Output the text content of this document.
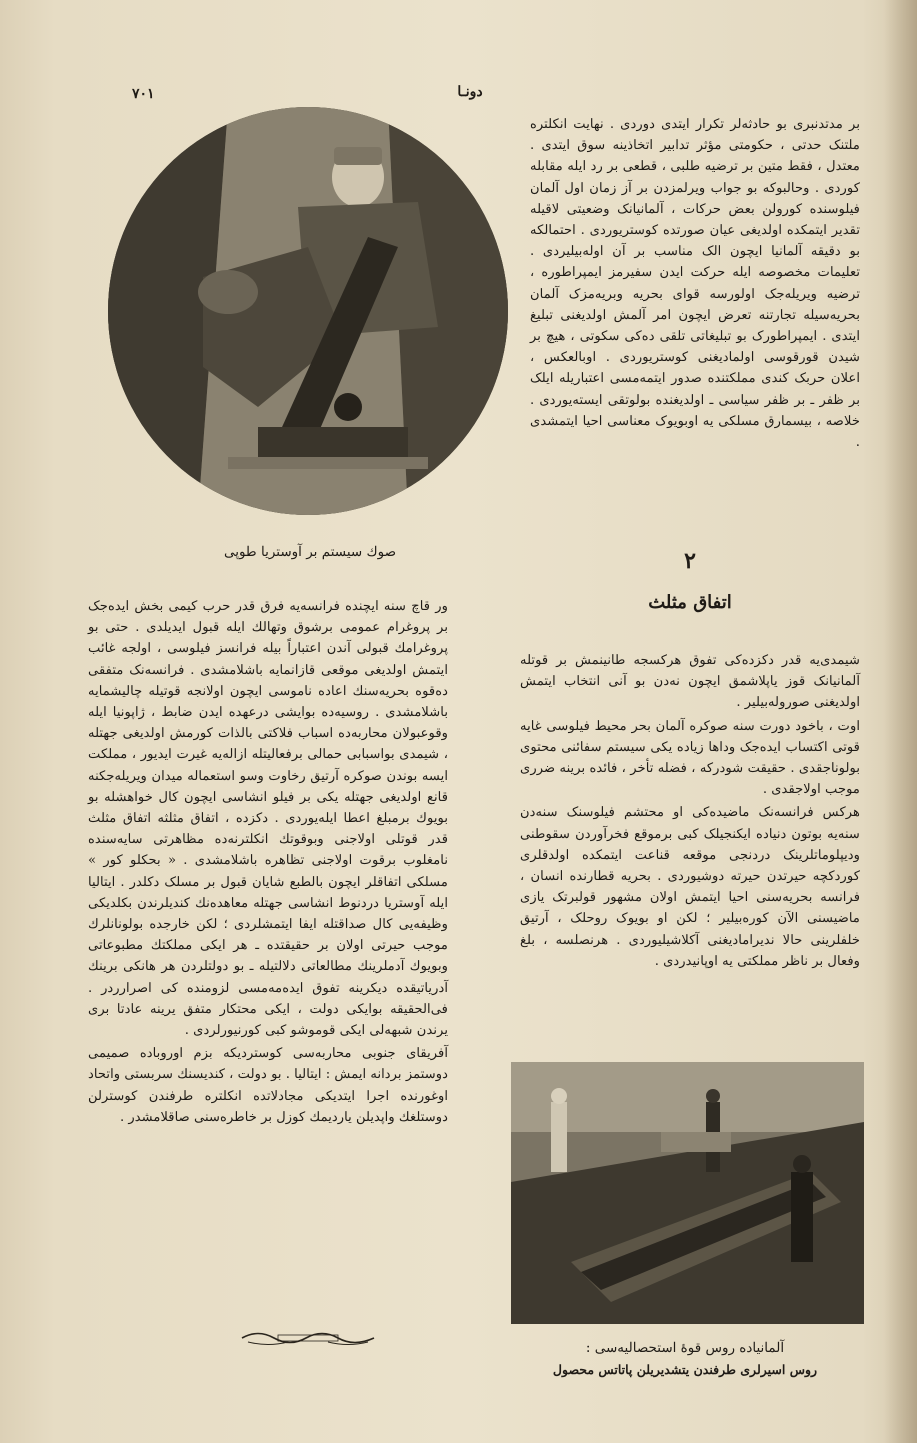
۷۰۱	دونـا
صوك سیستم بر آوستریا طوپی

بر مدتدنبری بو حادثه‌لر تکرار ایتدی دوردی . نهایت انکلتره ملتنک حدتی ، حکومتی مؤثر تدابیر اتخاذینه سوق ایتدی . معتدل ، فقط متین بر ترضیه طلبی ، قطعی بر رد ایله مقابله کوردی . وحالبوکه بو جواب ویرلمزدن بر آز زمان اول آلمان فیلوسنده کورولن بعض حرکات ، آلمانیانک وضعیتی لاقیله تقدیر ایتمکده اولدیغی عیان صورتده کوستریوردی . احتمالکه بو دقیقه آلمانیا ایچون الک مناسب بر آن اوله‌بیلیردی . تعلیمات مخصوصه ایله حرکت ایدن سفیرمز ایمپراطوره ، ترضیه ویریله‌جک اولورسه قوای بحریه وبریه‌مزک آلمان بحریه‌سیله تجارتنه تعرض ایچون امر آلمش اولدیغنی تبلیغ ایتدی . ایمپراطورک بو تبلیغاتی تلقی ده‌کی سکوتی ، هیچ بر شیدن قورقوسی اولمادیغنی کوستریوردی . اوبالعکس ، اعلان حربک کندی مملکتنده صدور ایتمه‌مسی اعتباریله ایلک بر ظفر ـ بر ظفر سیاسی ـ اولدیغنده بولوتقی ایسته‌یوردی . خلاصه ، بیسمارق مسلکی یه اوبویوک معناسی احیا ایتمشدی .

۲
اتفاق مثلث

شیمدی‌یه قدر دکزده‌کی تفوق هرکسجه طانینمش بر قوتله آلمانیانک قوز یاپلاشمق ایچون نه‌دن بو آنی انتخاب ایتمش اولدیغنی صوروله‌بیلیر .

اوت ، باخود دورت سنه صوکره آلمان بحر محیط فیلوسی غایه‌ قوتی اکتساب ایده‌جک وداها زیاده یکی سیستم سفائنی محتوی بولوناجقدی . حقیقت شودرکه ، فضله تأخر ، فائده برینه ضرری موجب اولاجقدی .

هرکس فرانسه‌نک ماضیده‌کی او محتشم فیلوسنک سنه‌دن سنه‌یه بوتون دنیاده ایکنجیلک کبی برموقع فخرآوردن سقوطنی ودیپلوماتلرینک دردنجی موقعه قناعت ایتمکده اولدقلری کوردکچه حیرتدن حیرته دوشیوردی . بحریه قطارنده انسان ، فرانسه بحریه‌سنی احیا ایتمش اولان مشهور قولبرتک یازی ماضیسنی الآن کوره‌بیلیر ؛ لکن او بویوک روحلک ، آرتیق خلفلرینی حالا ندیرامادیغنی آکلاشیلیوردی . هرنصلسه ، بلغ وفعال بر ناظر مملکتی یه اوپانیدردی .

ور قاچ سنه ایچنده فرانسه‌یه فرق قدر حرب کیمی بخش ایده‌جک بر پروغرام عمومی برشوق وتهالك ایله قبول ایدیلدی . حتی بو پروغرامك قبولی آندن اعتباراً بیله فرانسز فیلوسی ، اولجه غائب ایتمش اولدیغی موقعی قازانمایه باشلامشدی . فرانسه‌نک متفقی ده‌قوه بحریه‌سنك اعاده ناموسی ایچون اولانجه قوتیله چالیشمایه باشلامشدی . روسیه‌ده بوایشی درعهده ایدن ضابط ، ژاپونیا ایله وقوعبولان محاربه‌ده اسباب فلاکتی بالذات کورمش اولدیغی جهتله ، شیمدی بواسبابی حمالی برفعالیتله ازاله‌یه غیرت ایدیور ، مملکت ایسه بوندن صوکره آرتیق رخاوت وسو استعماله میدان ویریله‌جکنه قانع اولدیغی جهتله یکی بر فیلو انشاسی ایچون کال خواهشله بو بویوك برمبلغ اعطا ایله‌یوردی . دکزده ، اتفاق مثلثه اتفاق مثلث قدر قوتلی اولاجنی وبوقوتك انکلترنه‌ده مظاهرتی سایه‌سنده نامغلوب برقوت اولاجنی تظاهره باشلامشدی . « بحکلو کور » مسلکی اتفاقلر ایچون بالطبع شایان قبول بر مسلک دکلدر . ایتالیا ایله آوستریا دردنوط انشاسی جهتله معاهده‌نك کندیلرندن بکلدیکی وظیفه‌یی کال صداقتله ایفا ایتمشلردی ؛ لکن خارجده بولونانلرك موجب حیرتی اولان بر حقیقتده ـ هر ایکی مملکتك مطبوعاتی وبویوك آدملرینك مطالعاتی دلالتیله ـ بو دولتلردن هر هانکی برینك آدریاتیقده دیکرینه تفوق ایده‌مه‌مسی لزومنده کی اصرارردر . فی‌الحقیقه بوایکی دولت ، ایکی محتکار متفق یرینه عادتا بری یرندن شبهه‌لی ایکی قوموشو کبی کورنیورلردی .

آفریقای جنوبی محاربه‌سی کوستردیکه بزم اوروباده صمیمی دوستمز بردانه ایمش : ایتالیا . بو دولت ، کندیسنك سربستی واتحاد اوغورنده اجرا ایتدیکی مجادلاتده انکلتره طرفندن کوسترلن دوستلغك واپدیلن یاردیمك کوزل بر خاطره‌سنی صاقلامشدر .

آلمانیاده روس قوۀ استحصالیه‌سی :
روس اسیرلری طرفندن یتشدیریلن پاتاتس محصول
